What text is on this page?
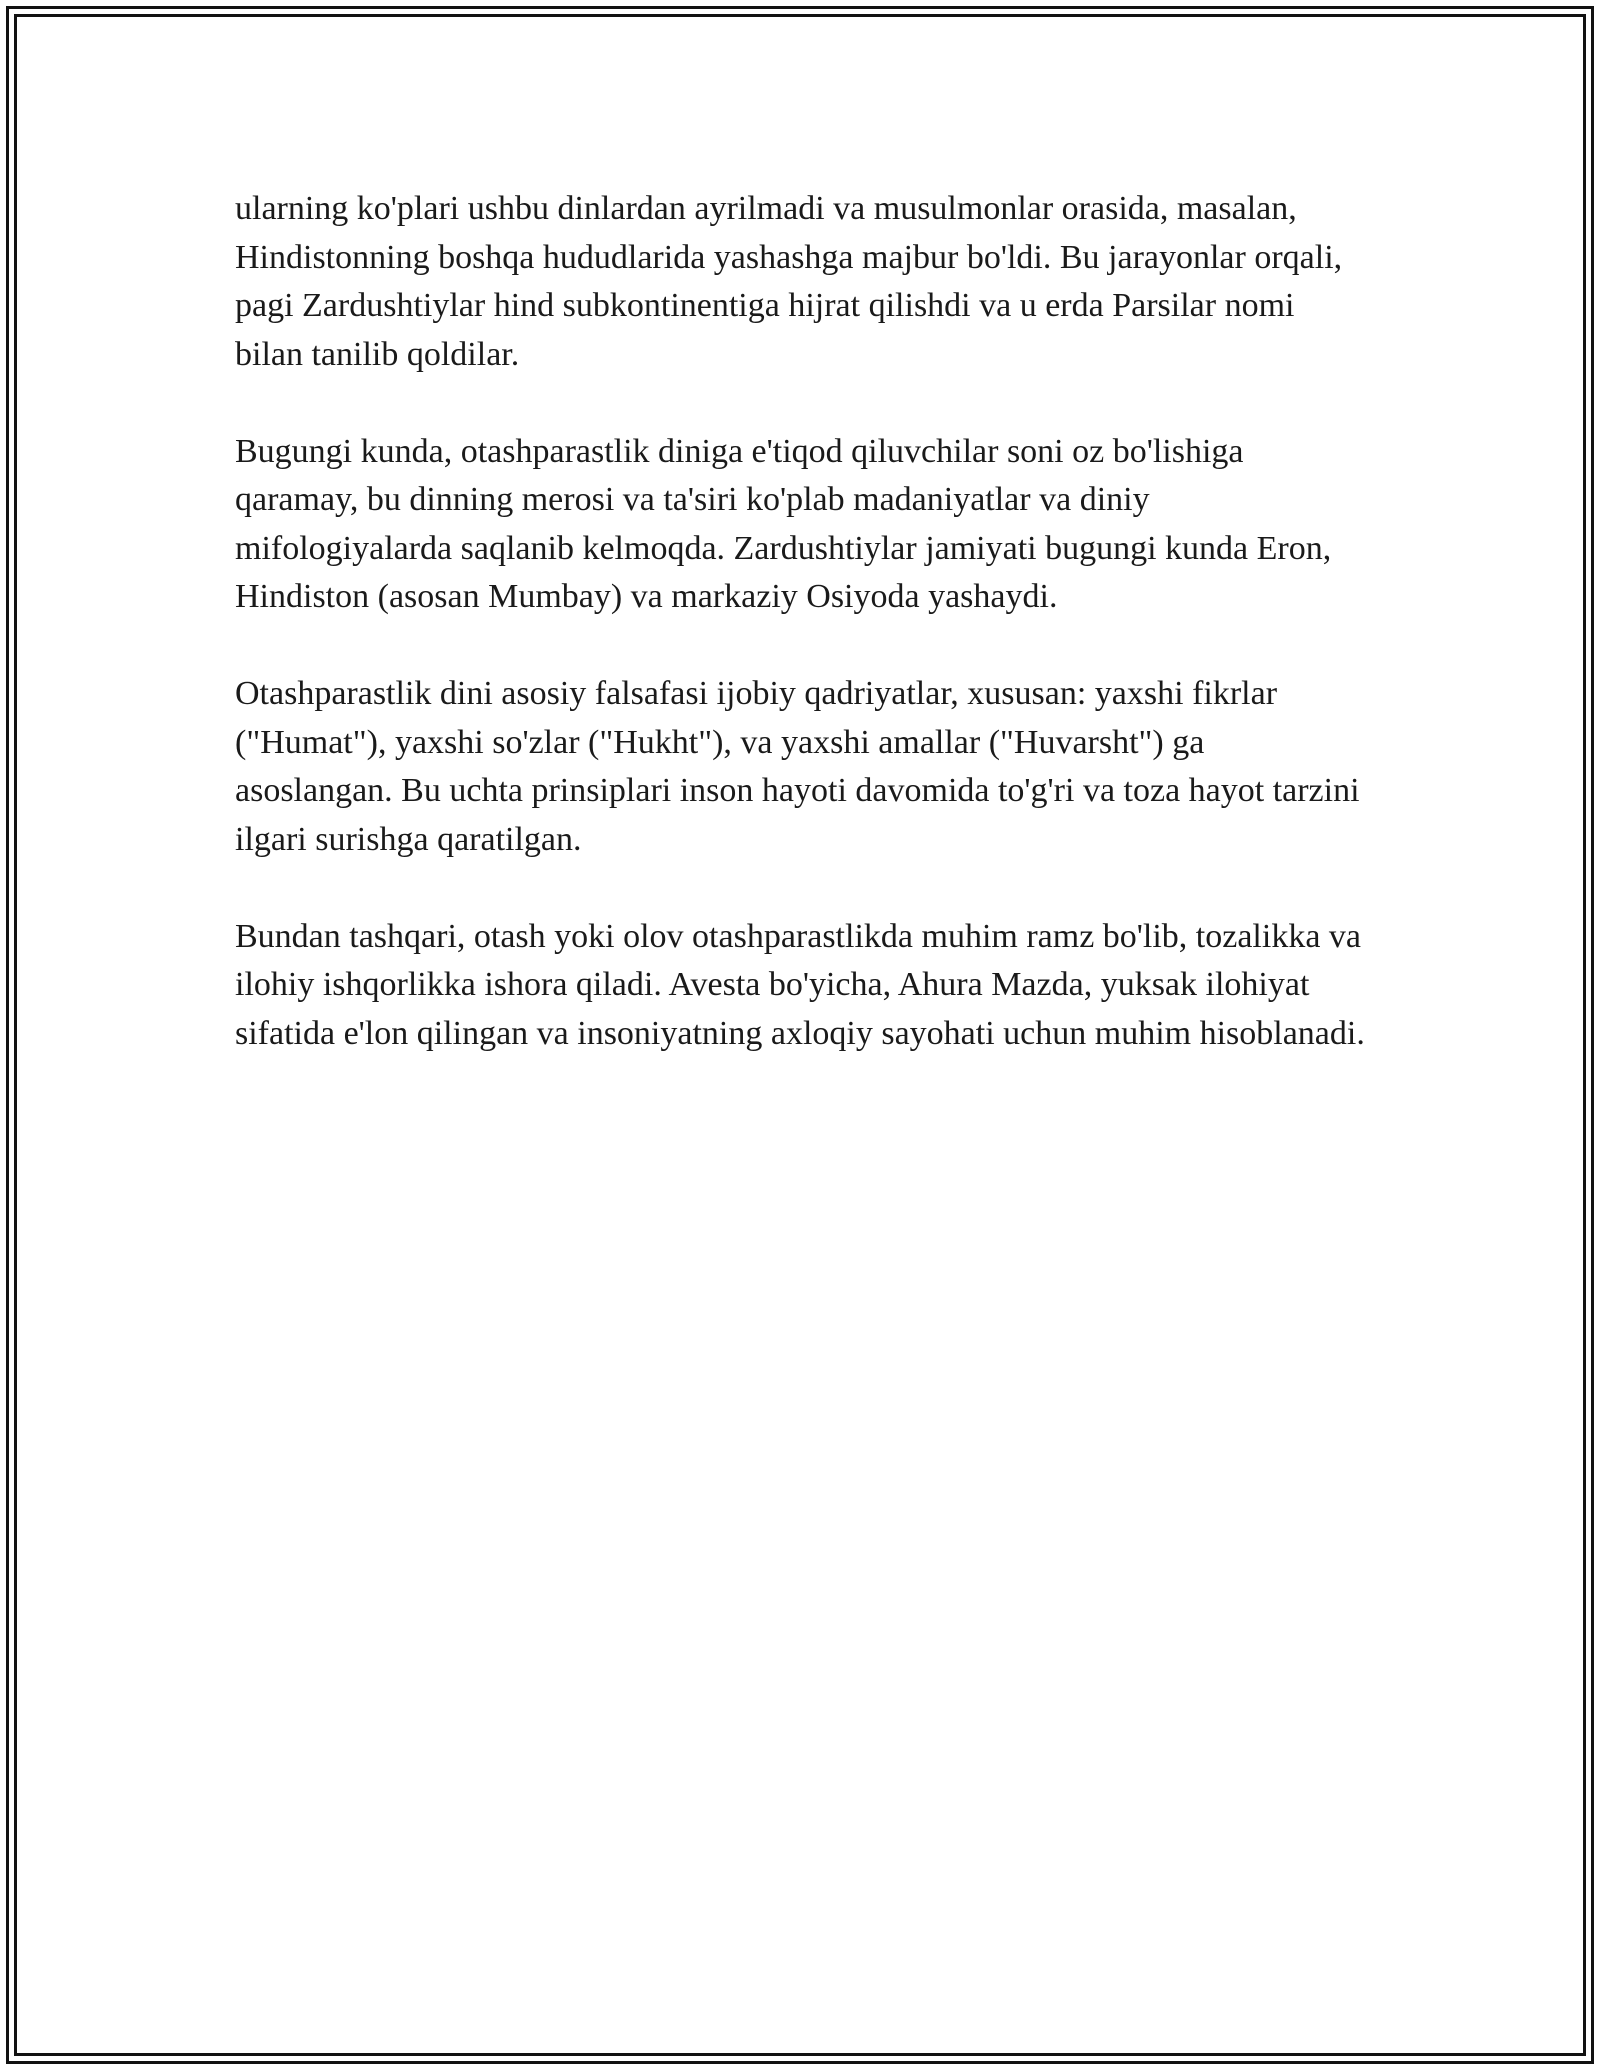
ularning ko'plari ushbu dinlardan ayrilmadi va musulmonlar orasida, masalan, Hindistonning boshqa hududlarida yashashga majbur bo'ldi. Bu jarayonlar orqali, pagi Zardushtiylar hind subkontinentiga hijrat qilishdi va u erda Parsilar nomi bilan tanilib qoldilar.

Bugungi kunda, otashparastlik diniga e'tiqod qiluvchilar soni oz bo'lishiga qaramay, bu dinning merosi va ta'siri ko'plab madaniyatlar va diniy mifologiyalarda saqlanib kelmoqda. Zardushtiylar jamiyati bugungi kunda Eron, Hindiston (asosan Mumbay) va markaziy Osiyoda yashaydi.

Otashparastlik dini asosiy falsafasi ijobiy qadriyatlar, xususan: yaxshi fikrlar ("Humat"), yaxshi so'zlar ("Hukht"), va yaxshi amallar ("Huvarsht") ga asoslangan. Bu uchta prinsiplari inson hayoti davomida to'g'ri va toza hayot tarzini ilgari surishga qaratilgan.

Bundan tashqari, otash yoki olov otashparastlikda muhim ramz bo'lib, tozalikka va ilohiy ishqorlikka ishora qiladi. Avesta bo'yicha, Ahura Mazda, yuksak ilohiyat sifatida e'lon qilingan va insoniyatning axloqiy sayohati uchun muhim hisoblanadi.
